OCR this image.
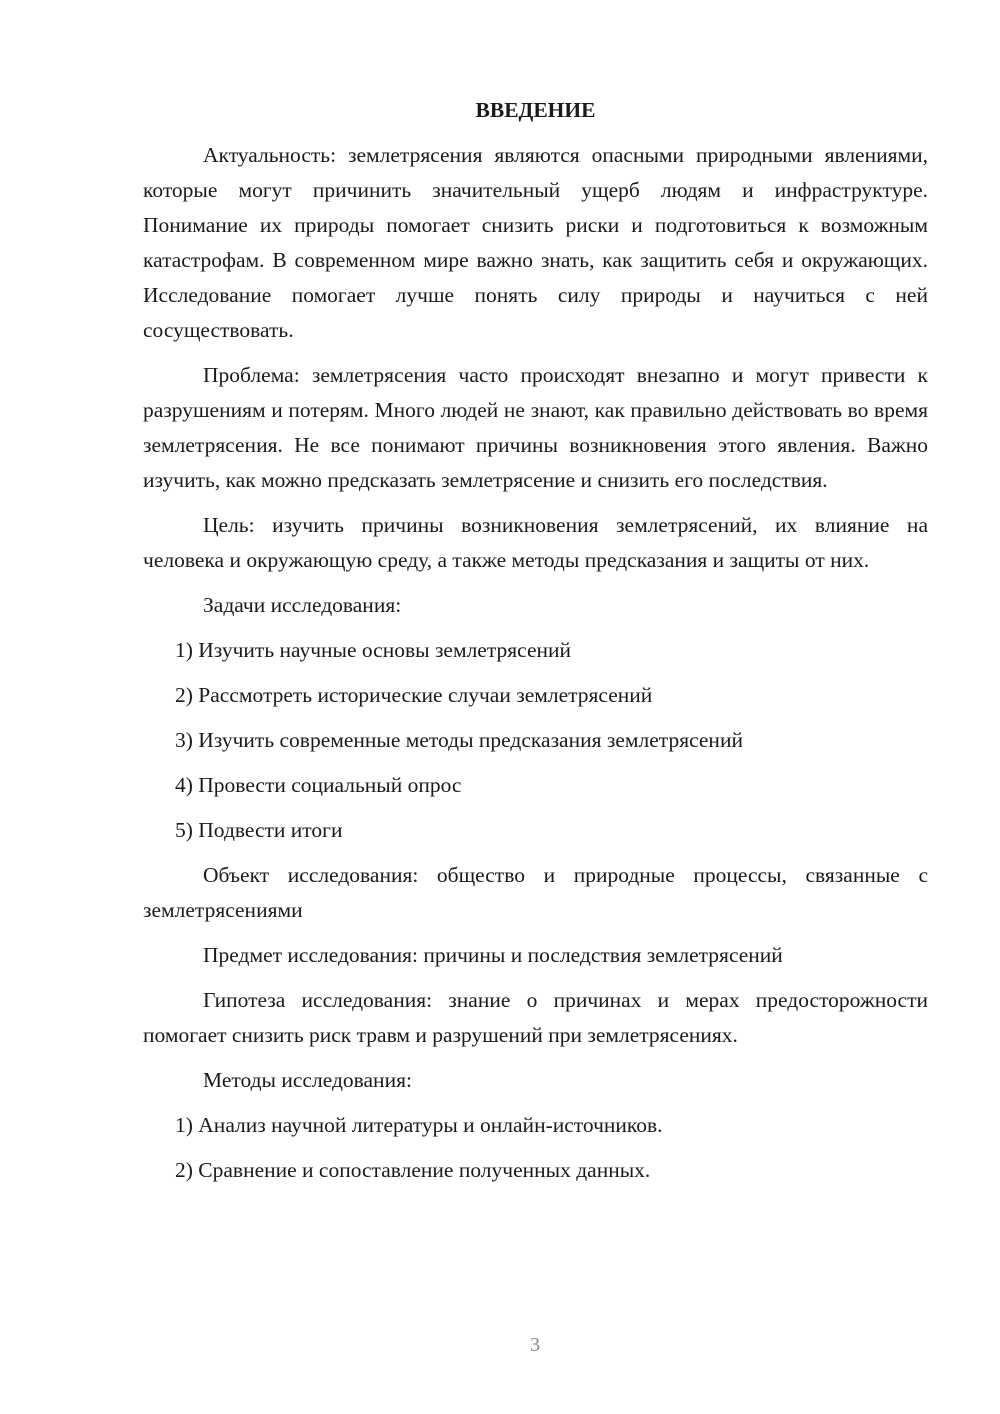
ВВЕДЕНИЕ

Актуальность: землетрясения являются опасными природными явлениями, которые могут причинить значительный ущерб людям и инфраструктуре. Понимание их природы помогает снизить риски и подготовиться к возможным катастрофам. В современном мире важно знать, как защитить себя и окружающих. Исследование помогает лучше понять силу природы и научиться с ней сосуществовать.

Проблема: землетрясения часто происходят внезапно и могут привести к разрушениям и потерям. Много людей не знают, как правильно действовать во время землетрясения. Не все понимают причины возникновения этого явления. Важно изучить, как можно предсказать землетрясение и снизить его последствия.

Цель: изучить причины возникновения землетрясений, их влияние на человека и окружающую среду, а также методы предсказания и защиты от них.

Задачи исследования:

1) Изучить научные основы землетрясений

2) Рассмотреть исторические случаи землетрясений

3) Изучить современные методы предсказания землетрясений

4) Провести социальный опрос

5) Подвести итоги

Объект исследования: общество и природные процессы, связанные с землетрясениями

Предмет исследования: причины и последствия землетрясений

Гипотеза исследования: знание о причинах и мерах предосторожности помогает снизить риск травм и разрушений при землетрясениях.

Методы исследования:

1) Анализ научной литературы и онлайн-источников.

2) Сравнение и сопоставление полученных данных.

3
